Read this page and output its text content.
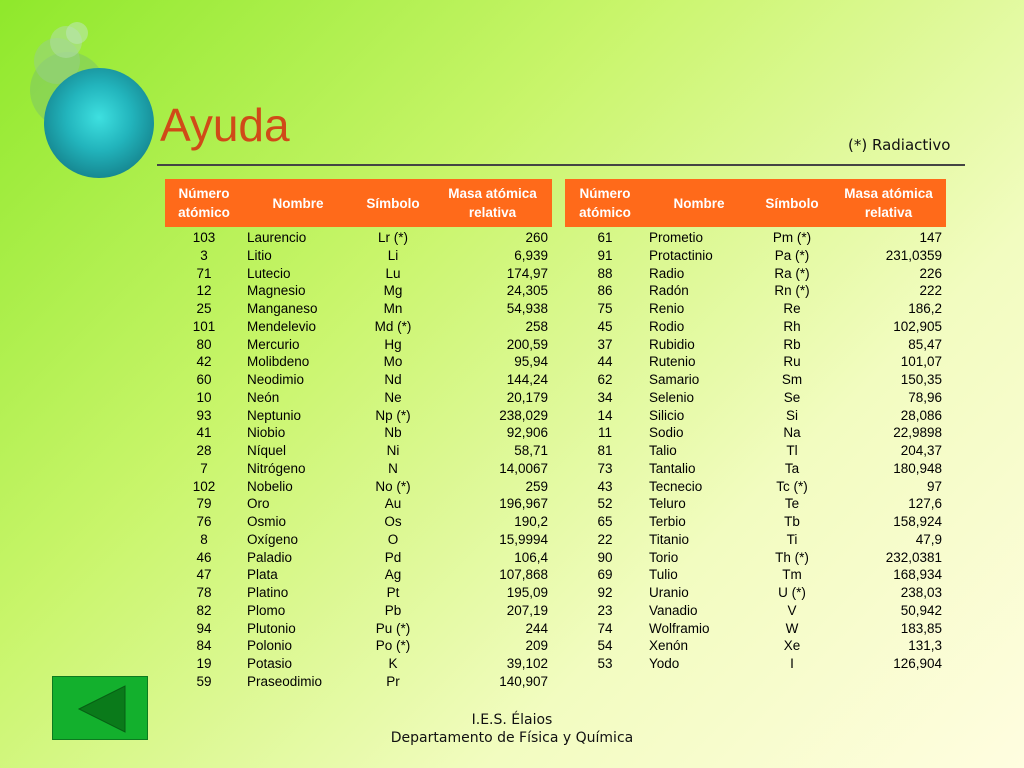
Ayuda	(*) Radiactivo
Número atómico	Nombre	Símbolo	Masa atómica relativa

103	Laurencio	Lr (*)	260
3	Litio	Li	6,939
71	Lutecio	Lu	174,97
12	Magnesio	Mg	24,305
25	Manganeso	Mn	54,938
101	Mendelevio	Md (*)	258
80	Mercurio	Hg	200,59
42	Molibdeno	Mo	95,94
60	Neodimio	Nd	144,24
10	Neón	Ne	20,179
93	Neptunio	Np (*)	238,029
41	Niobio	Nb	92,906
28	Níquel	Ni	58,71
7	Nitrógeno	N	14,0067
102	Nobelio	No (*)	259
79	Oro	Au	196,967
76	Osmio	Os	190,2
8	Oxígeno	O	15,9994
46	Paladio	Pd	106,4
47	Plata	Ag	107,868
78	Platino	Pt	195,09
82	Plomo	Pb	207,19
94	Plutonio	Pu (*)	244
84	Polonio	Po (*)	209
19	Potasio	K	39,102
59	Praseodimio	Pr	140,907
Número atómico	Nombre	Símbolo	Masa atómica relativa

61	Prometio	Pm (*)	147
91	Protactinio	Pa (*)	231,0359
88	Radio	Ra (*)	226
86	Radón	Rn (*)	222
75	Renio	Re	186,2
45	Rodio	Rh	102,905
37	Rubidio	Rb	85,47
44	Rutenio	Ru	101,07
62	Samario	Sm	150,35
34	Selenio	Se	78,96
14	Silicio	Si	28,086
11	Sodio	Na	22,9898
81	Talio	Tl	204,37
73	Tantalio	Ta	180,948
43	Tecnecio	Tc (*)	97
52	Teluro	Te	127,6
65	Terbio	Tb	158,924
22	Titanio	Ti	47,9
90	Torio	Th (*)	232,0381
69	Tulio	Tm	168,934
92	Uranio	U (*)	238,03
23	Vanadio	V	50,942
74	Wolframio	W	183,85
54	Xenón	Xe	131,3
53	Yodo	I	126,904
I.E.S. Élaios
Departamento de Física y Química
